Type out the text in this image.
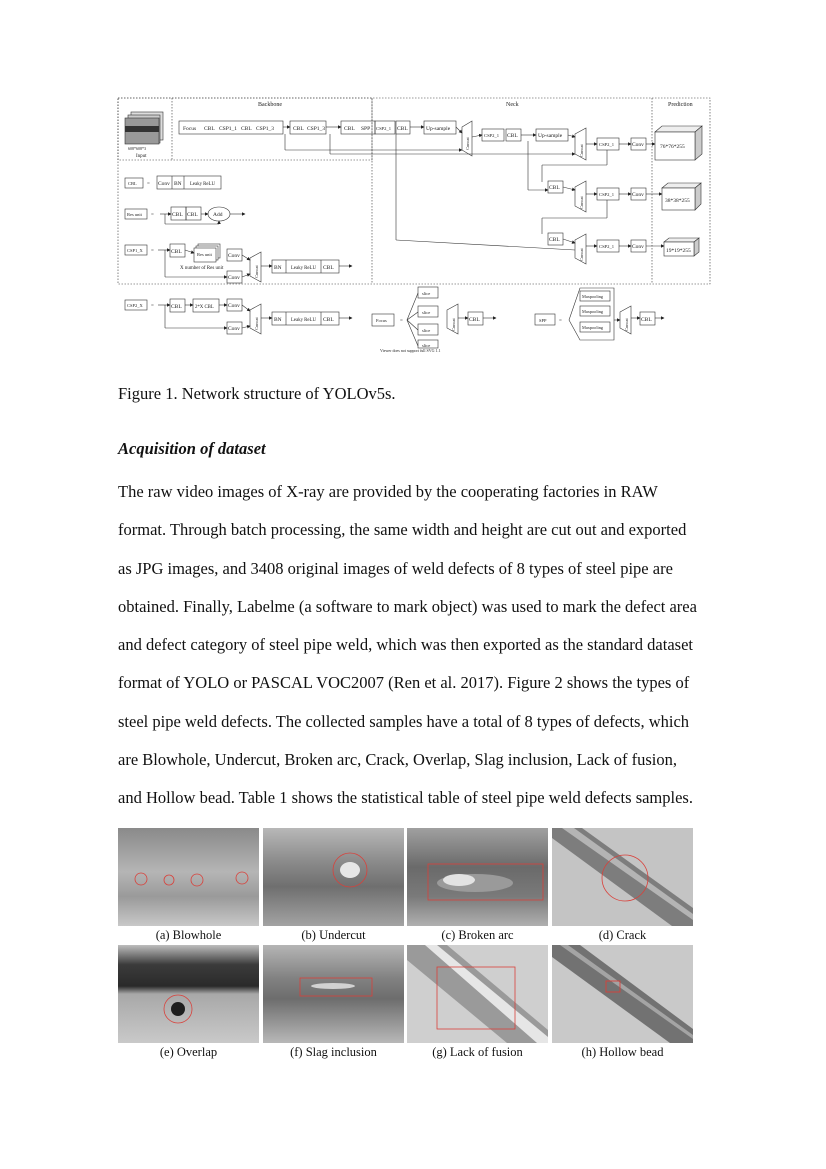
Backbone	Neck	Prediction
608*608*3
Input
Focus CBL CSP1_1 CBL CSP1_3	CBL CSP1_3	CBL SPP CSP2_1 CBL	Up-sample
Concat
CSP2_1 CBL	Up-sample
Concat	CSP2_1	Conv	76*76*255
CBL
Concat
CSP2_1	Conv
38*38*255
CBL
Concat
CSP2_1	Conv
19*19*255
CBL = Conv BN Leaky ReLU
Res unit =	CBL CBL	Add
CSP1_X =	CBL	Res unit
X number of Res unit
Conv
Conv	Concat	BN Leaky ReLU CBL
CSP2_X =	CBL	2*X CBL	Conv
Conv	Concat	BN Leaky ReLU CBL	Focus	=
slice
slice
slice
slice
Concat CBL
Viewer does not support full SVG 1.1
SPP =
Maxpooling
Maxpooling
Maxpooling	Concat CBL
Figure 1. Network structure of YOLOv5s.
Acquisition of dataset
The raw video images of X-ray are provided by the cooperating factories in RAW
format. Through batch processing, the same width and height are cut out and exported
as JPG images, and 3408 original images of weld defects of 8 types of steel pipe are
obtained. Finally, Labelme (a software to mark object) was used to mark the defect area
and defect category of steel pipe weld, which was then exported as the standard dataset
format of YOLO or PASCAL VOC2007 (Ren et al. 2017). Figure 2 shows the types of
steel pipe weld defects. The collected samples have a total of 8 types of defects, which
are Blowhole, Undercut, Broken arc, Crack, Overlap, Slag inclusion, Lack of fusion,
and Hollow bead. Table 1 shows the statistical table of steel pipe weld defects samples.
(a) Blowhole	(b) Undercut	(c) Broken arc	(d) Crack
(e) Overlap	(f) Slag inclusion	(g) Lack of fusion	(h) Hollow bead
